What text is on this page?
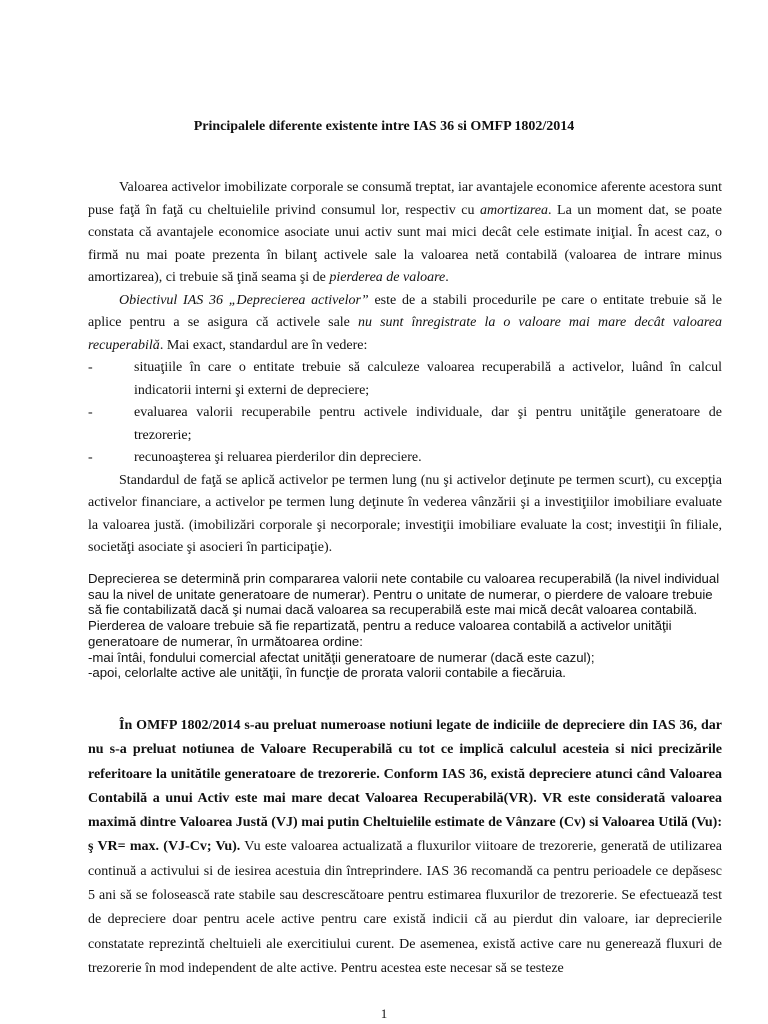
Principalele diferente existente intre IAS 36 si OMFP 1802/2014

Valoarea activelor imobilizate corporale se consumă treptat, iar avantajele economice aferente acestora sunt puse faţă în faţă cu cheltuielile privind consumul lor, respectiv cu amortizarea. La un moment dat, se poate constata că avantajele economice asociate unui activ sunt mai mici decât cele estimate iniţial. În acest caz, o firmă nu mai poate prezenta în bilanţ activele sale la valoarea netă contabilă (valoarea de intrare minus amortizarea), ci trebuie să ţină seama şi de pierderea de valoare.

Obiectivul IAS 36 „Deprecierea activelor” este de a stabili procedurile pe care o entitate trebuie să le aplice pentru a se asigura că activele sale nu sunt înregistrate la o valoare mai mare decât valoarea recuperabilă. Mai exact, standardul are în vedere:

-	situaţiile în care o entitate trebuie să calculeze valoarea recuperabilă a activelor, luând în calcul indicatorii interni şi externi de depreciere;
-	evaluarea valorii recuperabile pentru activele individuale, dar şi pentru unităţile generatoare de trezorerie;
-	recunoaşterea şi reluarea pierderilor din depreciere.

Standardul de faţă se aplică activelor pe termen lung (nu şi activelor deţinute pe termen scurt), cu excepţia activelor financiare, a activelor pe termen lung deţinute în vederea vânzării şi a investiţiilor imobiliare evaluate la valoarea justă. (imobilizări corporale şi necorporale; investiţii imobiliare evaluate la cost; investiţii în filiale, societăţi asociate şi asocieri în participaţie).

Deprecierea se determină prin compararea valorii nete contabile cu valoarea recuperabilă (la nivel individual sau la nivel de unitate generatoare de numerar). Pentru o unitate de numerar, o pierdere de valoare trebuie să fie contabilizată dacă şi numai dacă valoarea sa recuperabilă este mai mică decât valoarea contabilă.

Pierderea de valoare trebuie să fie repartizată, pentru a reduce valoarea contabilă a activelor unităţii generatoare de numerar, în următoarea ordine:

-mai întâi, fondului comercial afectat unităţii generatoare de numerar (dacă este cazul);

-apoi, celorlalte active ale unităţii, în funcţie de prorata valorii contabile a fiecăruia.

În OMFP 1802/2014 s-au preluat numeroase notiuni legate de indiciile de depreciere din IAS 36, dar nu s-a preluat notiunea de Valoare Recuperabilă cu tot ce implică calculul acesteia si nici precizările referitoare la unitătile generatoare de trezorerie. Conform IAS 36, există depreciere atunci când Valoarea Contabilă a unui Activ este mai mare decat Valoarea Recuperabilă(VR). VR este considerată valoarea maximă dintre Valoarea Justă (VJ) mai putin Cheltuielile estimate de Vânzare (Cv) si Valoarea Utilă (Vu): ş VR= max. (VJ-Cv; Vu). Vu este valoarea actualizată a fluxurilor viitoare de trezorerie, generată de utilizarea continuă a activului si de iesirea acestuia din întreprindere. IAS 36 recomandă ca pentru perioadele ce depăsesc 5 ani să se folosească rate stabile sau descrescătoare pentru estimarea fluxurilor de trezorerie. Se efectuează test de depreciere doar pentru acele active pentru care există indicii că au pierdut din valoare, iar deprecierile constatate reprezintă cheltuieli ale exercitiului curent. De asemenea, există active care nu generează fluxuri de trezorerie în mod independent de alte active. Pentru acestea este necesar să se testeze

1
